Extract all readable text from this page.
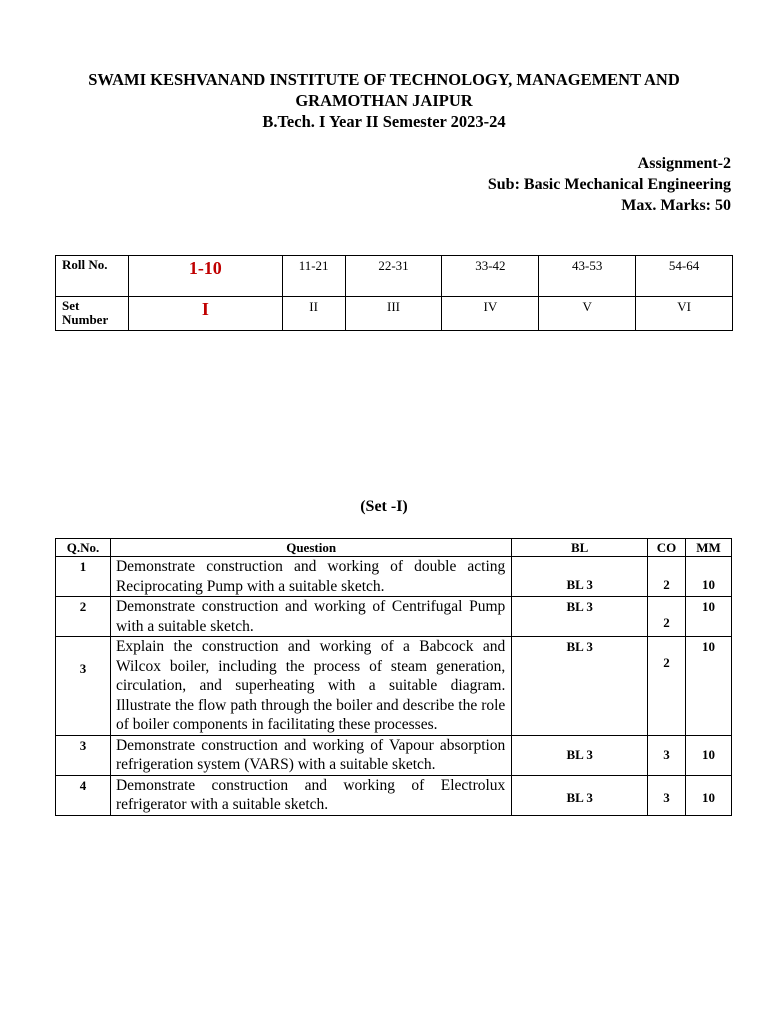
SWAMI KESHVANAND INSTITUTE OF TECHNOLOGY, MANAGEMENT AND
GRAMOTHAN JAIPUR
B.Tech. I Year II Semester 2023-24
Assignment-2
Sub: Basic Mechanical Engineering
Max. Marks: 50
Roll No.	1-10	11-21	22-31	33-42	43-53	54-64
Set
Number	I	II	III	IV	V	VI
(Set -I)
Q.No.	Question	BL	CO	MM
1	Demonstrate construction and working of double acting Reciprocating Pump with a suitable sketch.	BL 3	2	10
2	Demonstrate construction and working of Centrifugal Pump with a suitable sketch.	BL 3	2	10
3	Explain the construction and working of a Babcock and Wilcox boiler, including the process of steam generation, circulation, and superheating with a suitable diagram. Illustrate the flow path through the boiler and describe the role of boiler components in facilitating these processes.	BL 3	2	10
3	Demonstrate construction and working of Vapour absorption refrigeration system (VARS) with a suitable sketch.	BL 3	3	10
4	Demonstrate construction and working of Electrolux refrigerator with a suitable sketch.	BL 3	3	10
